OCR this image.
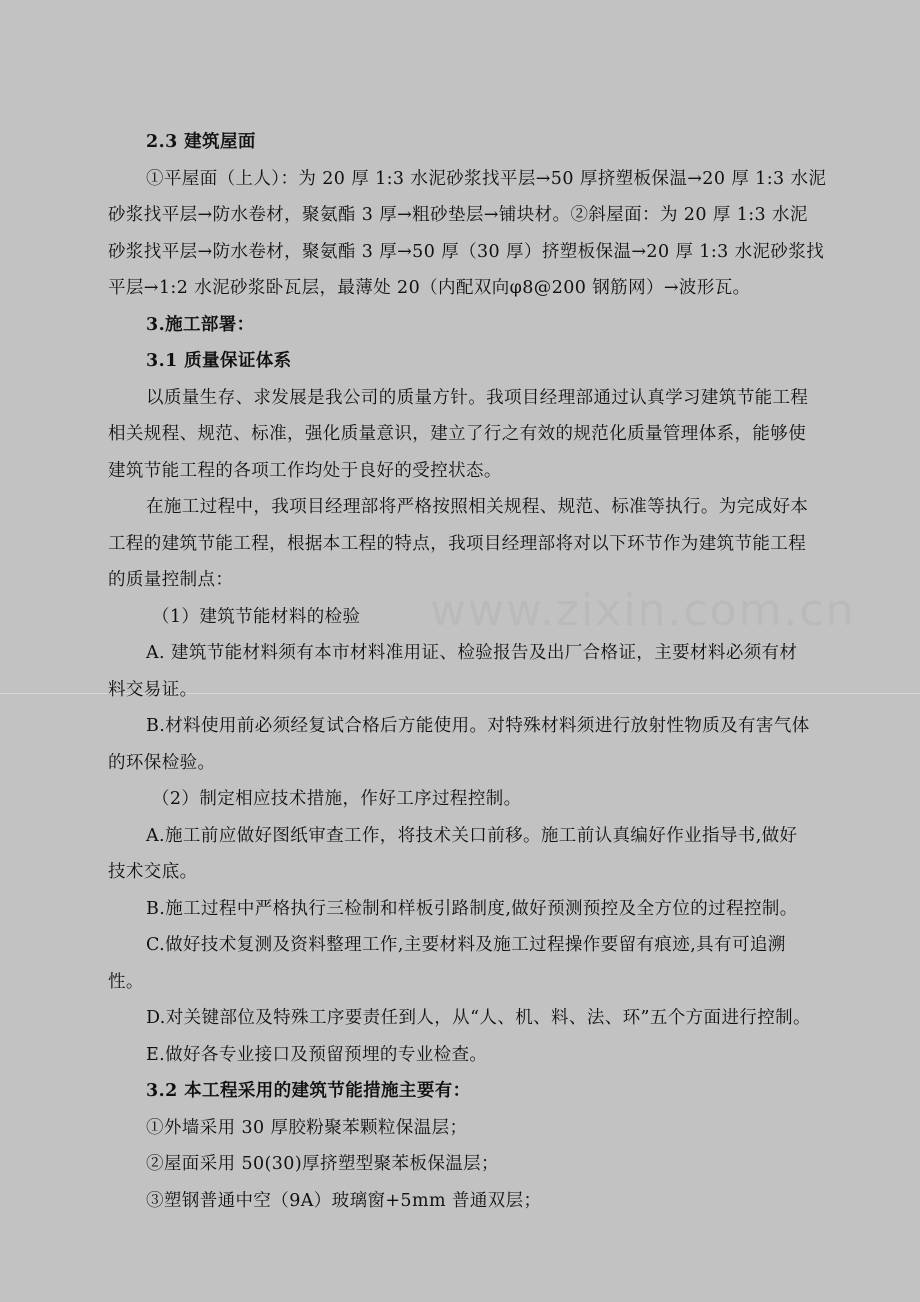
www.zixin.com.cn
2.3 建筑屋面
①平屋面（上人）：为 20 厚 1:3 水泥砂浆找平层→50 厚挤塑板保温→20 厚 1:3 水泥
砂浆找平层→防水卷材，聚氨酯 3 厚→粗砂垫层→铺块材。②斜屋面：为 20 厚 1:3 水泥
砂浆找平层→防水卷材，聚氨酯 3 厚→50 厚（30 厚）挤塑板保温→20 厚 1:3 水泥砂浆找
平层→1:2 水泥砂浆卧瓦层，最薄处 20（内配双向φ8@200 钢筋网）→波形瓦。
3.施工部署：
3.1 质量保证体系
以质量生存、求发展是我公司的质量方针。我项目经理部通过认真学习建筑节能工程
相关规程、规范、标准，强化质量意识，建立了行之有效的规范化质量管理体系，能够使
建筑节能工程的各项工作均处于良好的受控状态。
在施工过程中，我项目经理部将严格按照相关规程、规范、标准等执行。为完成好本
工程的建筑节能工程，根据本工程的特点，我项目经理部将对以下环节作为建筑节能工程
的质量控制点：
（1）建筑节能材料的检验
A. 建筑节能材料须有本市材料准用证、检验报告及出厂合格证，主要材料必须有材
料交易证。
B.材料使用前必须经复试合格后方能使用。对特殊材料须进行放射性物质及有害气体
的环保检验。
（2）制定相应技术措施，作好工序过程控制。
A.施工前应做好图纸审查工作，将技术关口前移。施工前认真编好作业指导书,做好
技术交底。
B.施工过程中严格执行三检制和样板引路制度,做好预测预控及全方位的过程控制。
C.做好技术复测及资料整理工作,主要材料及施工过程操作要留有痕迹,具有可追溯
性。
D.对关键部位及特殊工序要责任到人，从“人、机、料、法、环”五个方面进行控制。
E.做好各专业接口及预留预埋的专业检查。
3.2 本工程采用的建筑节能措施主要有：
①外墙采用 30 厚胶粉聚苯颗粒保温层；
②屋面采用 50(30)厚挤塑型聚苯板保温层；
③塑钢普通中空（9A）玻璃窗+5mm 普通双层；
